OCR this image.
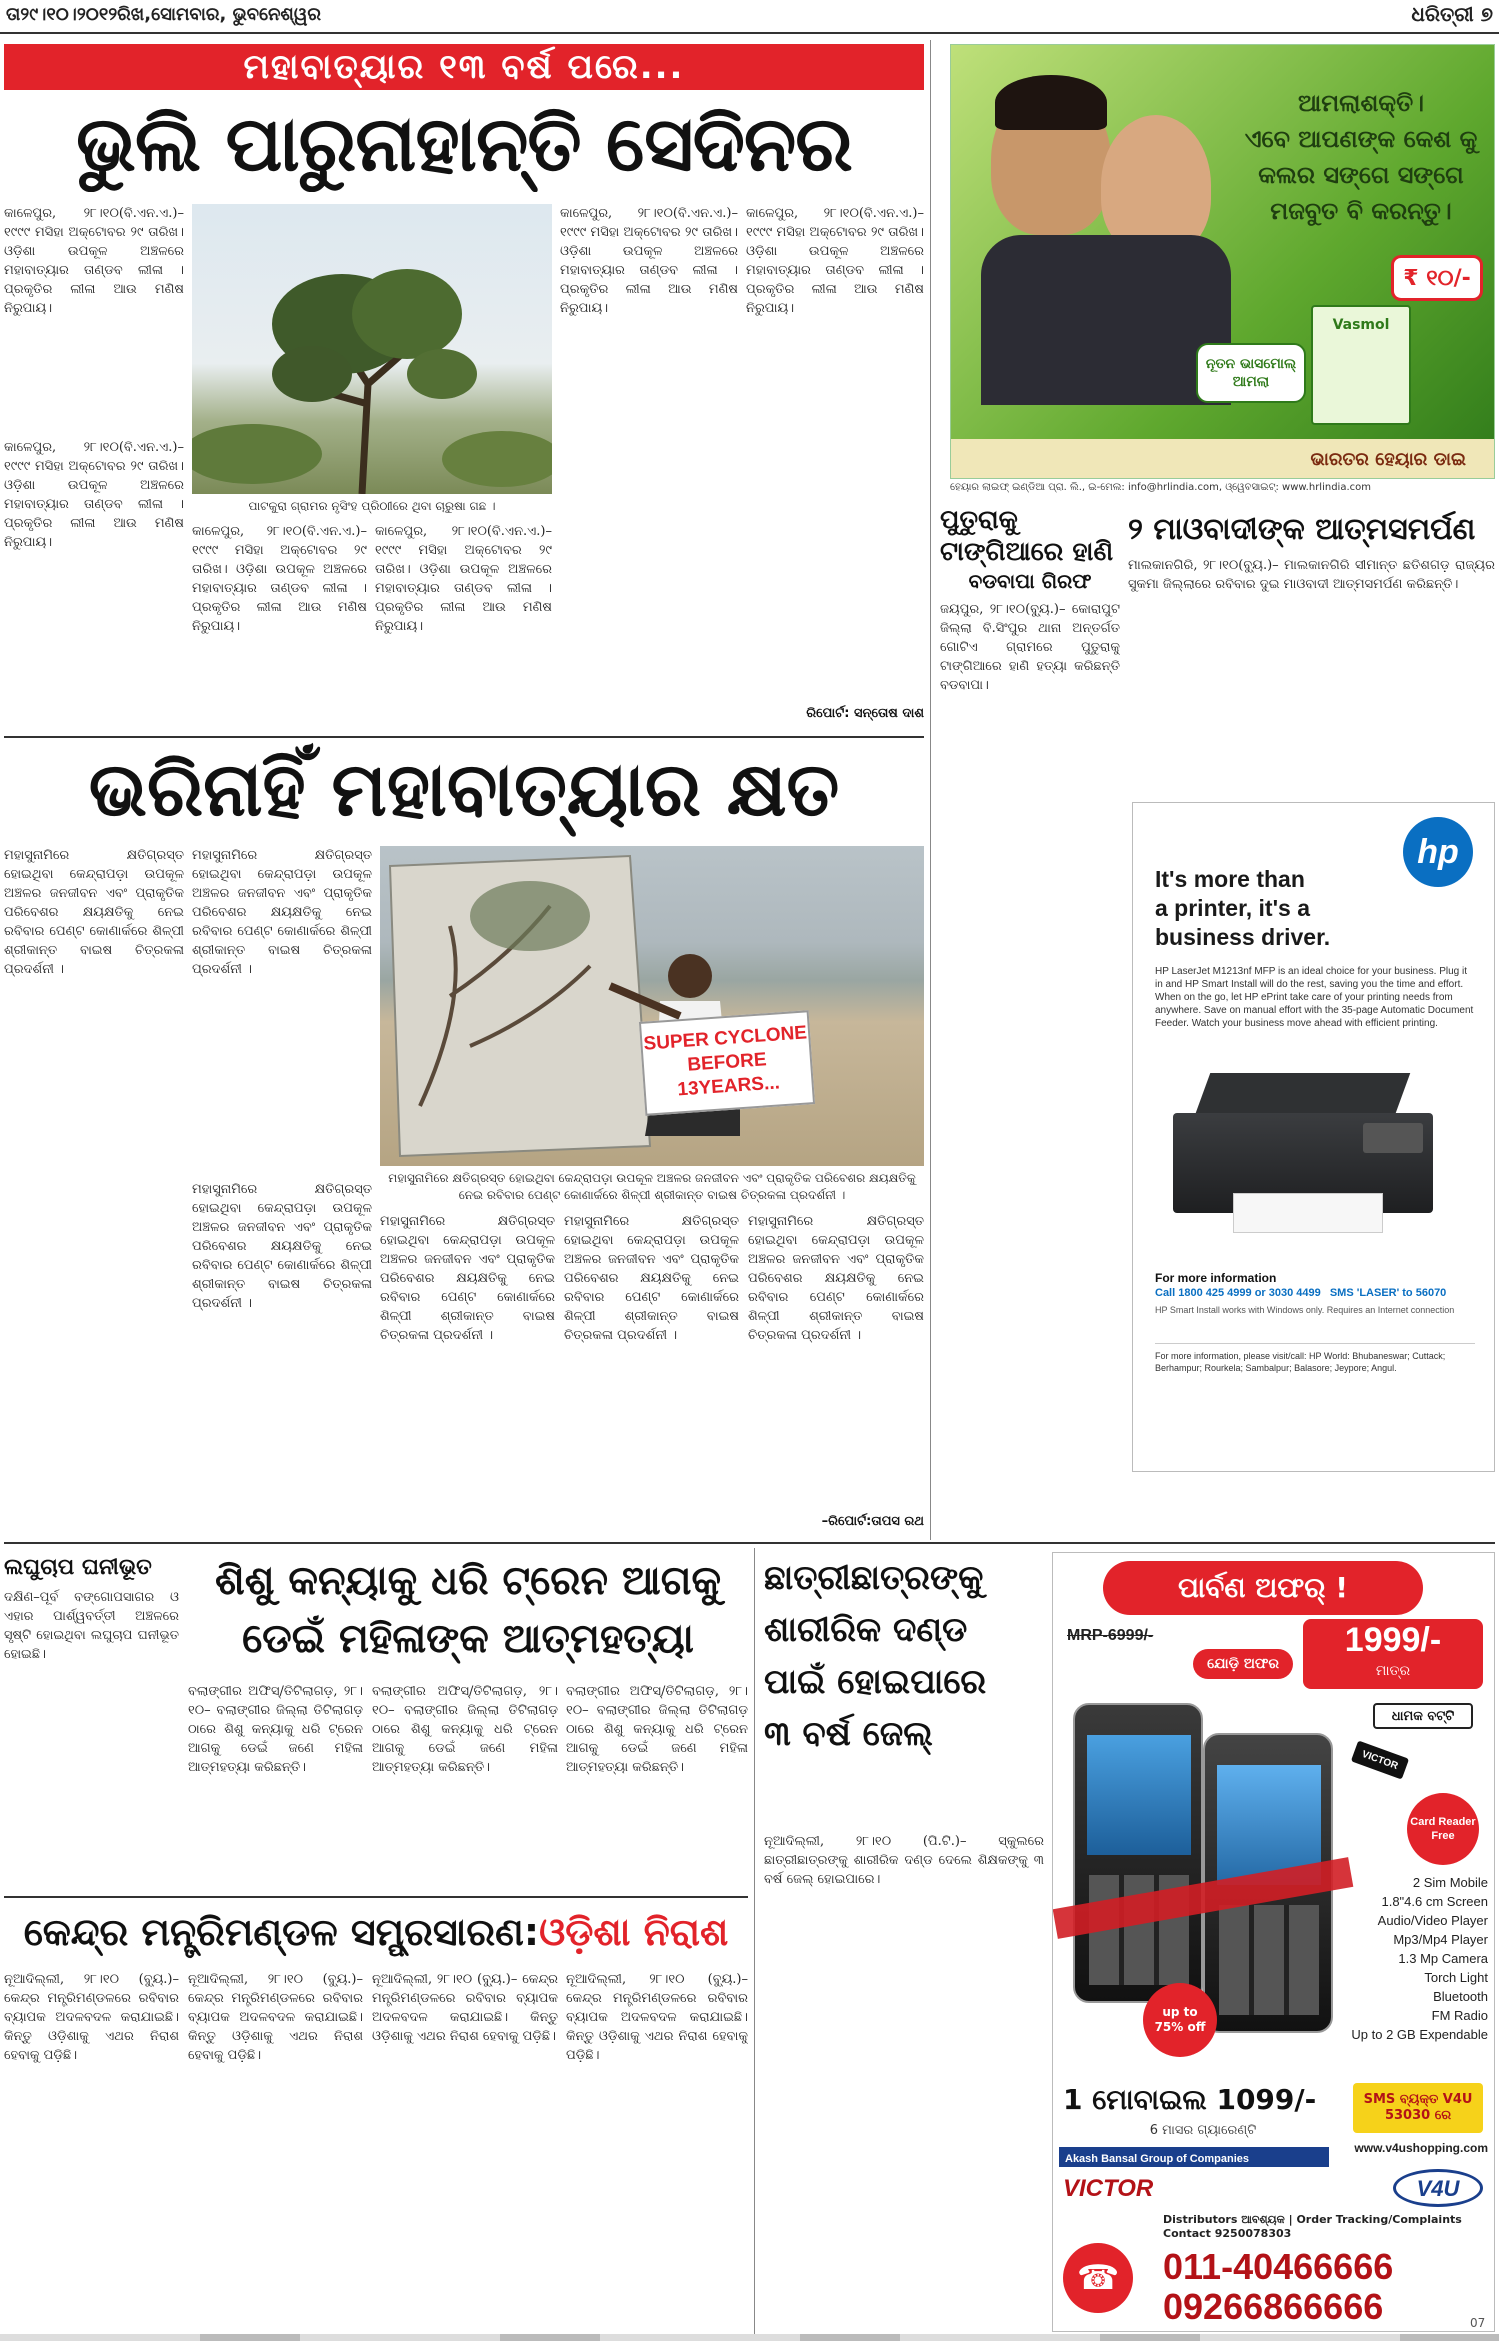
ତା୨୯।୧୦।୨୦୧୨ରିଖ,ସୋମବାର, ଭୁବନେଶ୍ୱର	ଧରିତ୍ରୀ ୭
ମହାବାତ୍ୟାର ୧୩ ବର୍ଷ ପରେ...
ଭୁଲି ପାରୁନାହାନ୍ତି ସେଦିନର
କାଳେପୁର, ୨୮।୧୦(ବି.ଏନ.ଏ.)– ୧୯୯୯ ମସିହା ଅକ୍ଟୋବର ୨୯ ତାରିଖ। ଓଡ଼ିଶା ଉପକୂଳ ଅଞ୍ଚଳରେ ମହାବାତ୍ୟାର ତାଣ୍ଡବ ଲୀଳା । ପ୍ରକୃତିର ଲୀଳା ଆଉ ମଣିଷ ନିରୁପାୟ।
କାଳେପୁର, ୨୮।୧୦(ବି.ଏନ.ଏ.)– ୧୯୯୯ ମସିହା ଅକ୍ଟୋବର ୨୯ ତାରିଖ। ଓଡ଼ିଶା ଉପକୂଳ ଅଞ୍ଚଳରେ ମହାବାତ୍ୟାର ତାଣ୍ଡବ ଲୀଳା । ପ୍ରକୃତିର ଲୀଳା ଆଉ ମଣିଷ ନିରୁପାୟ।
ପାଟକୁରା ଗ୍ରାମର ନୃସିଂହ ପ୍ରିଠାୀରେ ଥିବା ଚାରୁଷା ଗଛ ।
କାଳେପୁର, ୨୮।୧୦(ବି.ଏନ.ଏ.)– ୧୯୯୯ ମସିହା ଅକ୍ଟୋବର ୨୯ ତାରିଖ। ଓଡ଼ିଶା ଉପକୂଳ ଅଞ୍ଚଳରେ ମହାବାତ୍ୟାର ତାଣ୍ଡବ ଲୀଳା । ପ୍ରକୃତିର ଲୀଳା ଆଉ ମଣିଷ ନିରୁପାୟ।
କାଳେପୁର, ୨୮।୧୦(ବି.ଏନ.ଏ.)– ୧୯୯୯ ମସିହା ଅକ୍ଟୋବର ୨୯ ତାରିଖ। ଓଡ଼ିଶା ଉପକୂଳ ଅଞ୍ଚଳରେ ମହାବାତ୍ୟାର ତାଣ୍ଡବ ଲୀଳା । ପ୍ରକୃତିର ଲୀଳା ଆଉ ମଣିଷ ନିରୁପାୟ।
କାଳେପୁର, ୨୮।୧୦(ବି.ଏନ.ଏ.)– ୧୯୯୯ ମସିହା ଅକ୍ଟୋବର ୨୯ ତାରିଖ। ଓଡ଼ିଶା ଉପକୂଳ ଅଞ୍ଚଳରେ ମହାବାତ୍ୟାର ତାଣ୍ଡବ ଲୀଳା । ପ୍ରକୃତିର ଲୀଳା ଆଉ ମଣିଷ ନିରୁପାୟ।
କାଳେପୁର, ୨୮।୧୦(ବି.ଏନ.ଏ.)– ୧୯୯୯ ମସିହା ଅକ୍ଟୋବର ୨୯ ତାରିଖ। ଓଡ଼ିଶା ଉପକୂଳ ଅଞ୍ଚଳରେ ମହାବାତ୍ୟାର ତାଣ୍ଡବ ଲୀଳା । ପ୍ରକୃତିର ଲୀଳା ଆଉ ମଣିଷ ନିରୁପାୟ।
ରିପୋର୍ଟ: ସନ୍ତୋଷ ଦାଶ
ଭରିନାହିଁ ମହାବାତ୍ୟାର କ୍ଷତ
ମହାସୁନାମିରେ କ୍ଷତିଗ୍ରସ୍ତ ହୋଇଥିବା କେନ୍ଦ୍ରାପଡ଼ା ଉପକୂଳ ଅଞ୍ଚଳର ଜନଜୀବନ ଏବଂ ପ୍ରାକୃତିକ ପରିବେଶର କ୍ଷୟକ୍ଷତିକୁ ନେଇ ରବିବାର ପେଣ୍ଟ କୋଣାର୍କରେ ଶିଳ୍ପୀ ଶ୍ରୀକାନ୍ତ ବାଇଷ ଚିତ୍ରକଳା ପ୍ରଦର୍ଶନୀ ।
ମହାସୁନାମିରେ କ୍ଷତିଗ୍ରସ୍ତ ହୋଇଥିବା କେନ୍ଦ୍ରାପଡ଼ା ଉପକୂଳ ଅଞ୍ଚଳର ଜନଜୀବନ ଏବଂ ପ୍ରାକୃତିକ ପରିବେଶର କ୍ଷୟକ୍ଷତିକୁ ନେଇ ରବିବାର ପେଣ୍ଟ କୋଣାର୍କରେ ଶିଳ୍ପୀ ଶ୍ରୀକାନ୍ତ ବାଇଷ ଚିତ୍ରକଳା ପ୍ରଦର୍ଶନୀ ।
SUPER CYCLONE BEFORE 13YEARS...
ମହାସୁନାମିରେ କ୍ଷତିଗ୍ରସ୍ତ ହୋଇଥିବା କେନ୍ଦ୍ରାପଡ଼ା ଉପକୂଳ ଅଞ୍ଚଳର ଜନଜୀବନ ଏବଂ ପ୍ରାକୃତିକ ପରିବେଶର କ୍ଷୟକ୍ଷତିକୁ ନେଇ ରବିବାର ପେଣ୍ଟ କୋଣାର୍କରେ ଶିଳ୍ପୀ ଶ୍ରୀକାନ୍ତ ବାଇଷ ଚିତ୍ରକଳା ପ୍ରଦର୍ଶନୀ ।
ମହାସୁନାମିରେ କ୍ଷତିଗ୍ରସ୍ତ ହୋଇଥିବା କେନ୍ଦ୍ରାପଡ଼ା ଉପକୂଳ ଅଞ୍ଚଳର ଜନଜୀବନ ଏବଂ ପ୍ରାକୃତିକ ପରିବେଶର କ୍ଷୟକ୍ଷତିକୁ ନେଇ ରବିବାର ପେଣ୍ଟ କୋଣାର୍କରେ ଶିଳ୍ପୀ ଶ୍ରୀକାନ୍ତ ବାଇଷ ଚିତ୍ରକଳା ପ୍ରଦର୍ଶନୀ ।
ମହାସୁନାମିରେ କ୍ଷତିଗ୍ରସ୍ତ ହୋଇଥିବା କେନ୍ଦ୍ରାପଡ଼ା ଉପକୂଳ ଅଞ୍ଚଳର ଜନଜୀବନ ଏବଂ ପ୍ରାକୃତିକ ପରିବେଶର କ୍ଷୟକ୍ଷତିକୁ ନେଇ ରବିବାର ପେଣ୍ଟ କୋଣାର୍କରେ ଶିଳ୍ପୀ ଶ୍ରୀକାନ୍ତ ବାଇଷ ଚିତ୍ରକଳା ପ୍ରଦର୍ଶନୀ ।
ମହାସୁନାମିରେ କ୍ଷତିଗ୍ରସ୍ତ ହୋଇଥିବା କେନ୍ଦ୍ରାପଡ଼ା ଉପକୂଳ ଅଞ୍ଚଳର ଜନଜୀବନ ଏବଂ ପ୍ରାକୃତିକ ପରିବେଶର କ୍ଷୟକ୍ଷତିକୁ ନେଇ ରବିବାର ପେଣ୍ଟ କୋଣାର୍କରେ ଶିଳ୍ପୀ ଶ୍ରୀକାନ୍ତ ବାଇଷ ଚିତ୍ରକଳା ପ୍ରଦର୍ଶନୀ ।
ମହାସୁନାମିରେ କ୍ଷତିଗ୍ରସ୍ତ ହୋଇଥିବା କେନ୍ଦ୍ରାପଡ଼ା ଉପକୂଳ ଅଞ୍ଚଳର ଜନଜୀବନ ଏବଂ ପ୍ରାକୃତିକ ପରିବେଶର କ୍ଷୟକ୍ଷତିକୁ ନେଇ ରବିବାର ପେଣ୍ଟ କୋଣାର୍କରେ ଶିଳ୍ପୀ ଶ୍ରୀକାନ୍ତ ବାଇଷ ଚିତ୍ରକଳା ପ୍ରଦର୍ଶନୀ ।
–ରିପୋର୍ଟ:ତାପସ ରଥ
ଆମଲାଶକ୍ତି।
ଏବେ ଆପଣଙ୍କ କେଶ କୁ
କଲର ସଙ୍ଗେ ସଙ୍ଗେ
ମଜବୁତ ବି କରନ୍ତୁ।
₹ ୧୦/-
Vasmol
ନୂତନ ଭାସମୋଲ୍ ଆମଲା
ଭାରତର ହେୟାର ଡାଇ
ହେୟାର ଲାଇଫ୍ ଇଣ୍ଡିଆ ପ୍ରା. ଲି., ଇ-ମେଲ: info@hrlindia.com, ଓ୍ୱେବସାଇଟ୍: www.hrlindia.com
ପୁତୁରାକୁ ଟାଙ୍ଗିଆରେ ହାଣି
ବଡବାପା ଗିରଫ
ଜୟପୁର, ୨୮।୧୦(ବ୍ୟୁ.)– କୋରାପୁଟ ଜିଲ୍ଲା ବି.ସିଂପୁର ଥାନା ଅନ୍ତର୍ଗତ ଗୋଟିଏ ଗ୍ରାମରେ ପୁତୁରାକୁ ଟାଙ୍ଗିଆରେ ହାଣି ହତ୍ୟା କରିଛନ୍ତି ବଡବାପା।
୨ ମାଓବାଦୀଙ୍କ ଆତ୍ମସମର୍ପଣ
ମାଲକାନଗିରି, ୨୮।୧୦(ବ୍ୟୁ.)– ମାଲକାନଗିରି ସୀମାନ୍ତ ଛତିଶଗଡ଼ ରାଜ୍ୟର ସୁକମା ଜିଲ୍ଲାରେ ରବିବାର ଦୁଇ ମାଓବାଦୀ ଆତ୍ମସମର୍ପଣ କରିଛନ୍ତି।
hp
It's more than
a printer, it's a
business driver.
HP LaserJet M1213nf MFP is an ideal choice for your business. Plug it in and HP Smart Install will do the rest, saving you the time and effort. When on the go, let HP ePrint take care of your printing needs from anywhere. Save on manual effort with the 35-page Automatic Document Feeder. Watch your business move ahead with efficient printing.
For more information
Call 1800 425 4999 or 3030 4499 SMS 'LASER' to 56070
HP Smart Install works with Windows only. Requires an Internet connection
For more information, please visit/call: HP World: Bhubaneswar; Cuttack; Berhampur; Rourkela; Sambalpur; Balasore; Jeypore; Angul.
ଲଘୁଚାପ ଘନୀଭୂତ
ଦକ୍ଷିଣ–ପୂର୍ବ ବଙ୍ଗୋପସାଗର ଓ ଏହାର ପାର୍ଶ୍ୱବର୍ତ୍ତୀ ଅଞ୍ଚଳରେ ସୃଷ୍ଟି ହୋଇଥିବା ଲଘୁଚାପ ଘନୀଭୂତ ହୋଇଛି।
ଶିଶୁ କନ୍ୟାକୁ ଧରି ଟ୍ରେନ ଆଗକୁ
ଡେଇଁ ମହିଳାଙ୍କ ଆତ୍ମହତ୍ୟା
ବଲାଙ୍ଗୀର ଅଫିସ୍‌/ତିଟିଲାଗଡ଼, ୨୮।୧୦– ବଲାଙ୍ଗୀର ଜିଲ୍ଲା ତିଟିଲାଗଡ଼ ଠାରେ ଶିଶୁ କନ୍ୟାକୁ ଧରି ଟ୍ରେନ ଆଗକୁ ଡେଇଁ ଜଣେ ମହିଳା ଆତ୍ମହତ୍ୟା କରିଛନ୍ତି।
ବଲାଙ୍ଗୀର ଅଫିସ୍‌/ତିଟିଲାଗଡ଼, ୨୮।୧୦– ବଲାଙ୍ଗୀର ଜିଲ୍ଲା ତିଟିଲାଗଡ଼ ଠାରେ ଶିଶୁ କନ୍ୟାକୁ ଧରି ଟ୍ରେନ ଆଗକୁ ଡେଇଁ ଜଣେ ମହିଳା ଆତ୍ମହତ୍ୟା କରିଛନ୍ତି।
ବଲାଙ୍ଗୀର ଅଫିସ୍‌/ତିଟିଲାଗଡ଼, ୨୮।୧୦– ବଲାଙ୍ଗୀର ଜିଲ୍ଲା ତିଟିଲାଗଡ଼ ଠାରେ ଶିଶୁ କନ୍ୟାକୁ ଧରି ଟ୍ରେନ ଆଗକୁ ଡେଇଁ ଜଣେ ମହିଳା ଆତ୍ମହତ୍ୟା କରିଛନ୍ତି।
କେନ୍ଦ୍ର ମନ୍ତ୍ରିମଣ୍ଡଳ ସମ୍ପ୍ରସାରଣ:ଓଡ଼ିଶା ନିରାଶ
ନୂଆଦିଲ୍ଲୀ, ୨୮।୧୦ (ବ୍ୟୁ.)– କେନ୍ଦ୍ର ମନ୍ତ୍ରିମଣ୍ଡଳରେ ରବିବାର ବ୍ୟାପକ ଅଦଳବଦଳ କରାଯାଇଛି। କିନ୍ତୁ ଓଡ଼ିଶାକୁ ଏଥର ନିରାଶ ହେବାକୁ ପଡ଼ିଛି।
ନୂଆଦିଲ୍ଲୀ, ୨୮।୧୦ (ବ୍ୟୁ.)– କେନ୍ଦ୍ର ମନ୍ତ୍ରିମଣ୍ଡଳରେ ରବିବାର ବ୍ୟାପକ ଅଦଳବଦଳ କରାଯାଇଛି। କିନ୍ତୁ ଓଡ଼ିଶାକୁ ଏଥର ନିରାଶ ହେବାକୁ ପଡ଼ିଛି।
ନୂଆଦିଲ୍ଲୀ, ୨୮।୧୦ (ବ୍ୟୁ.)– କେନ୍ଦ୍ର ମନ୍ତ୍ରିମଣ୍ଡଳରେ ରବିବାର ବ୍ୟାପକ ଅଦଳବଦଳ କରାଯାଇଛି। କିନ୍ତୁ ଓଡ଼ିଶାକୁ ଏଥର ନିରାଶ ହେବାକୁ ପଡ଼ିଛି।
ନୂଆଦିଲ୍ଲୀ, ୨୮।୧୦ (ବ୍ୟୁ.)– କେନ୍ଦ୍ର ମନ୍ତ୍ରିମଣ୍ଡଳରେ ରବିବାର ବ୍ୟାପକ ଅଦଳବଦଳ କରାଯାଇଛି। କିନ୍ତୁ ଓଡ଼ିଶାକୁ ଏଥର ନିରାଶ ହେବାକୁ ପଡ଼ିଛି।
ଛାତ୍ରୀଛାତ୍ରଙ୍କୁ
ଶାରୀରିକ ଦଣ୍ଡ
ପାଇଁ ହୋଇପାରେ
୩ ବର୍ଷ ଜେଲ୍
ନୂଆଦିଲ୍ଲୀ, ୨୮।୧୦ (ପି.ଟି.)– ସ୍କୁଲରେ ଛାତ୍ରୀଛାତ୍ରଙ୍କୁ ଶାରୀରିକ ଦଣ୍ଡ ଦେଲେ ଶିକ୍ଷକଙ୍କୁ ୩ ବର୍ଷ ଜେଲ୍ ହୋଇପାରେ।
ପାର୍ବଣ ଅଫର୍ !
MRP-6999/-
ଯୋଡ଼ି ଅଫର
1999/-
ମାତ୍ର
ଧାମକ ବଟ୍ଟି
up to 75% off
VICTOR
Card Reader Free
2 Sim Mobile
1.8"4.6 cm Screen
Audio/Video Player
Mp3/Mp4 Player
1.3 Mp Camera
Torch Light
Bluetooth
FM Radio
Up to 2 GB Expendable
1 ମୋବାଇଲ 1099/-
6 ମାସର ଗ୍ୟାରେଣ୍ଟି
SMS ବ୍ୟକ୍ତ V4U 53030 ରେ
www.v4ushopping.com
Akash Bansal Group of Companies
VICTOR	V4U
Distributors ଆବଶ୍ୟକ | Order Tracking/Complaints Contact 9250078303
☎	011-40466666
09266866666	07
